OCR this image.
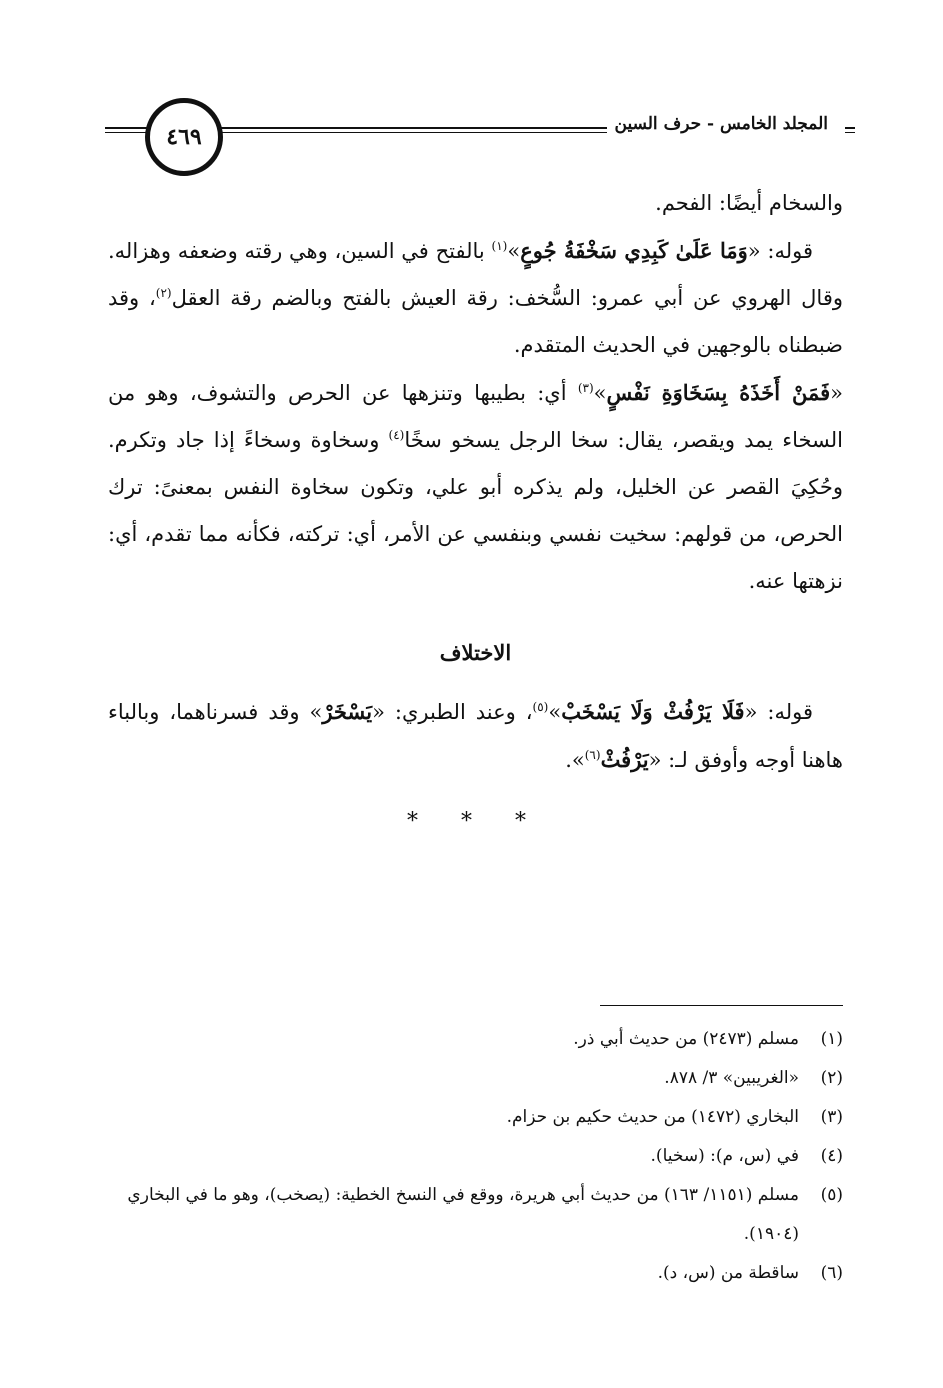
٤٦٩	المجلد الخامس - حرف السين

والسخام أيضًا: الفحم.

قوله: «وَمَا عَلَىٰ كَبِدِي سَخْفَةُ جُوعٍ»$^{(١)}$ بالفتح في السين، وهي رقته وضعفه وهزاله. وقال الهروي عن أبي عمرو: السُّخف: رقة العيش بالفتح وبالضم رقة العقل$^{(٢)}$، وقد ضبطناه بالوجهين في الحديث المتقدم.

«فَمَنْ أَخَذَهُ بِسَخَاوَةِ نَفْسٍ»$^{(٣)}$ أي: بطيبها وتنزهها عن الحرص والتشوف، وهو من السخاء يمد ويقصر، يقال: سخا الرجل يسخو سخًا$^{(٤)}$ وسخاوة وسخاءً إذا جاد وتكرم. وحُكِيَ القصر عن الخليل، ولم يذكره أبو علي، وتكون سخاوة النفس بمعنىً: ترك الحرص، من قولهم: سخيت نفسي وبنفسي عن الأمر، أي: تركته، فكأنه مما تقدم، أي: نزهتها عنه.

الاختلاف

قوله: «فَلَا يَرْفُثْ وَلَا يَسْخَبْ»$^{(٥)}$، وعند الطبري: «يَسْخَرْ» وقد فسرناهما، وبالباء هاهنا أوجه وأوفق لـ: «يَرْفُثْ$^{(٦)}$».

* * *
(١)
مسلم (٢٤٧٣) من حديث أبي ذر.
(٢)
«الغريبين» ٣/ ٨٧٨.
(٣)
البخاري (١٤٧٢) من حديث حكيم بن حزام.
(٤)
في (س، م): (سخيا).
(٥)
مسلم (١١٥١/ ١٦٣) من حديث أبي هريرة، ووقع في النسخ الخطية: (يصخب)، وهو ما في البخاري (١٩٠٤).
(٦)
ساقطة من (س، د).
